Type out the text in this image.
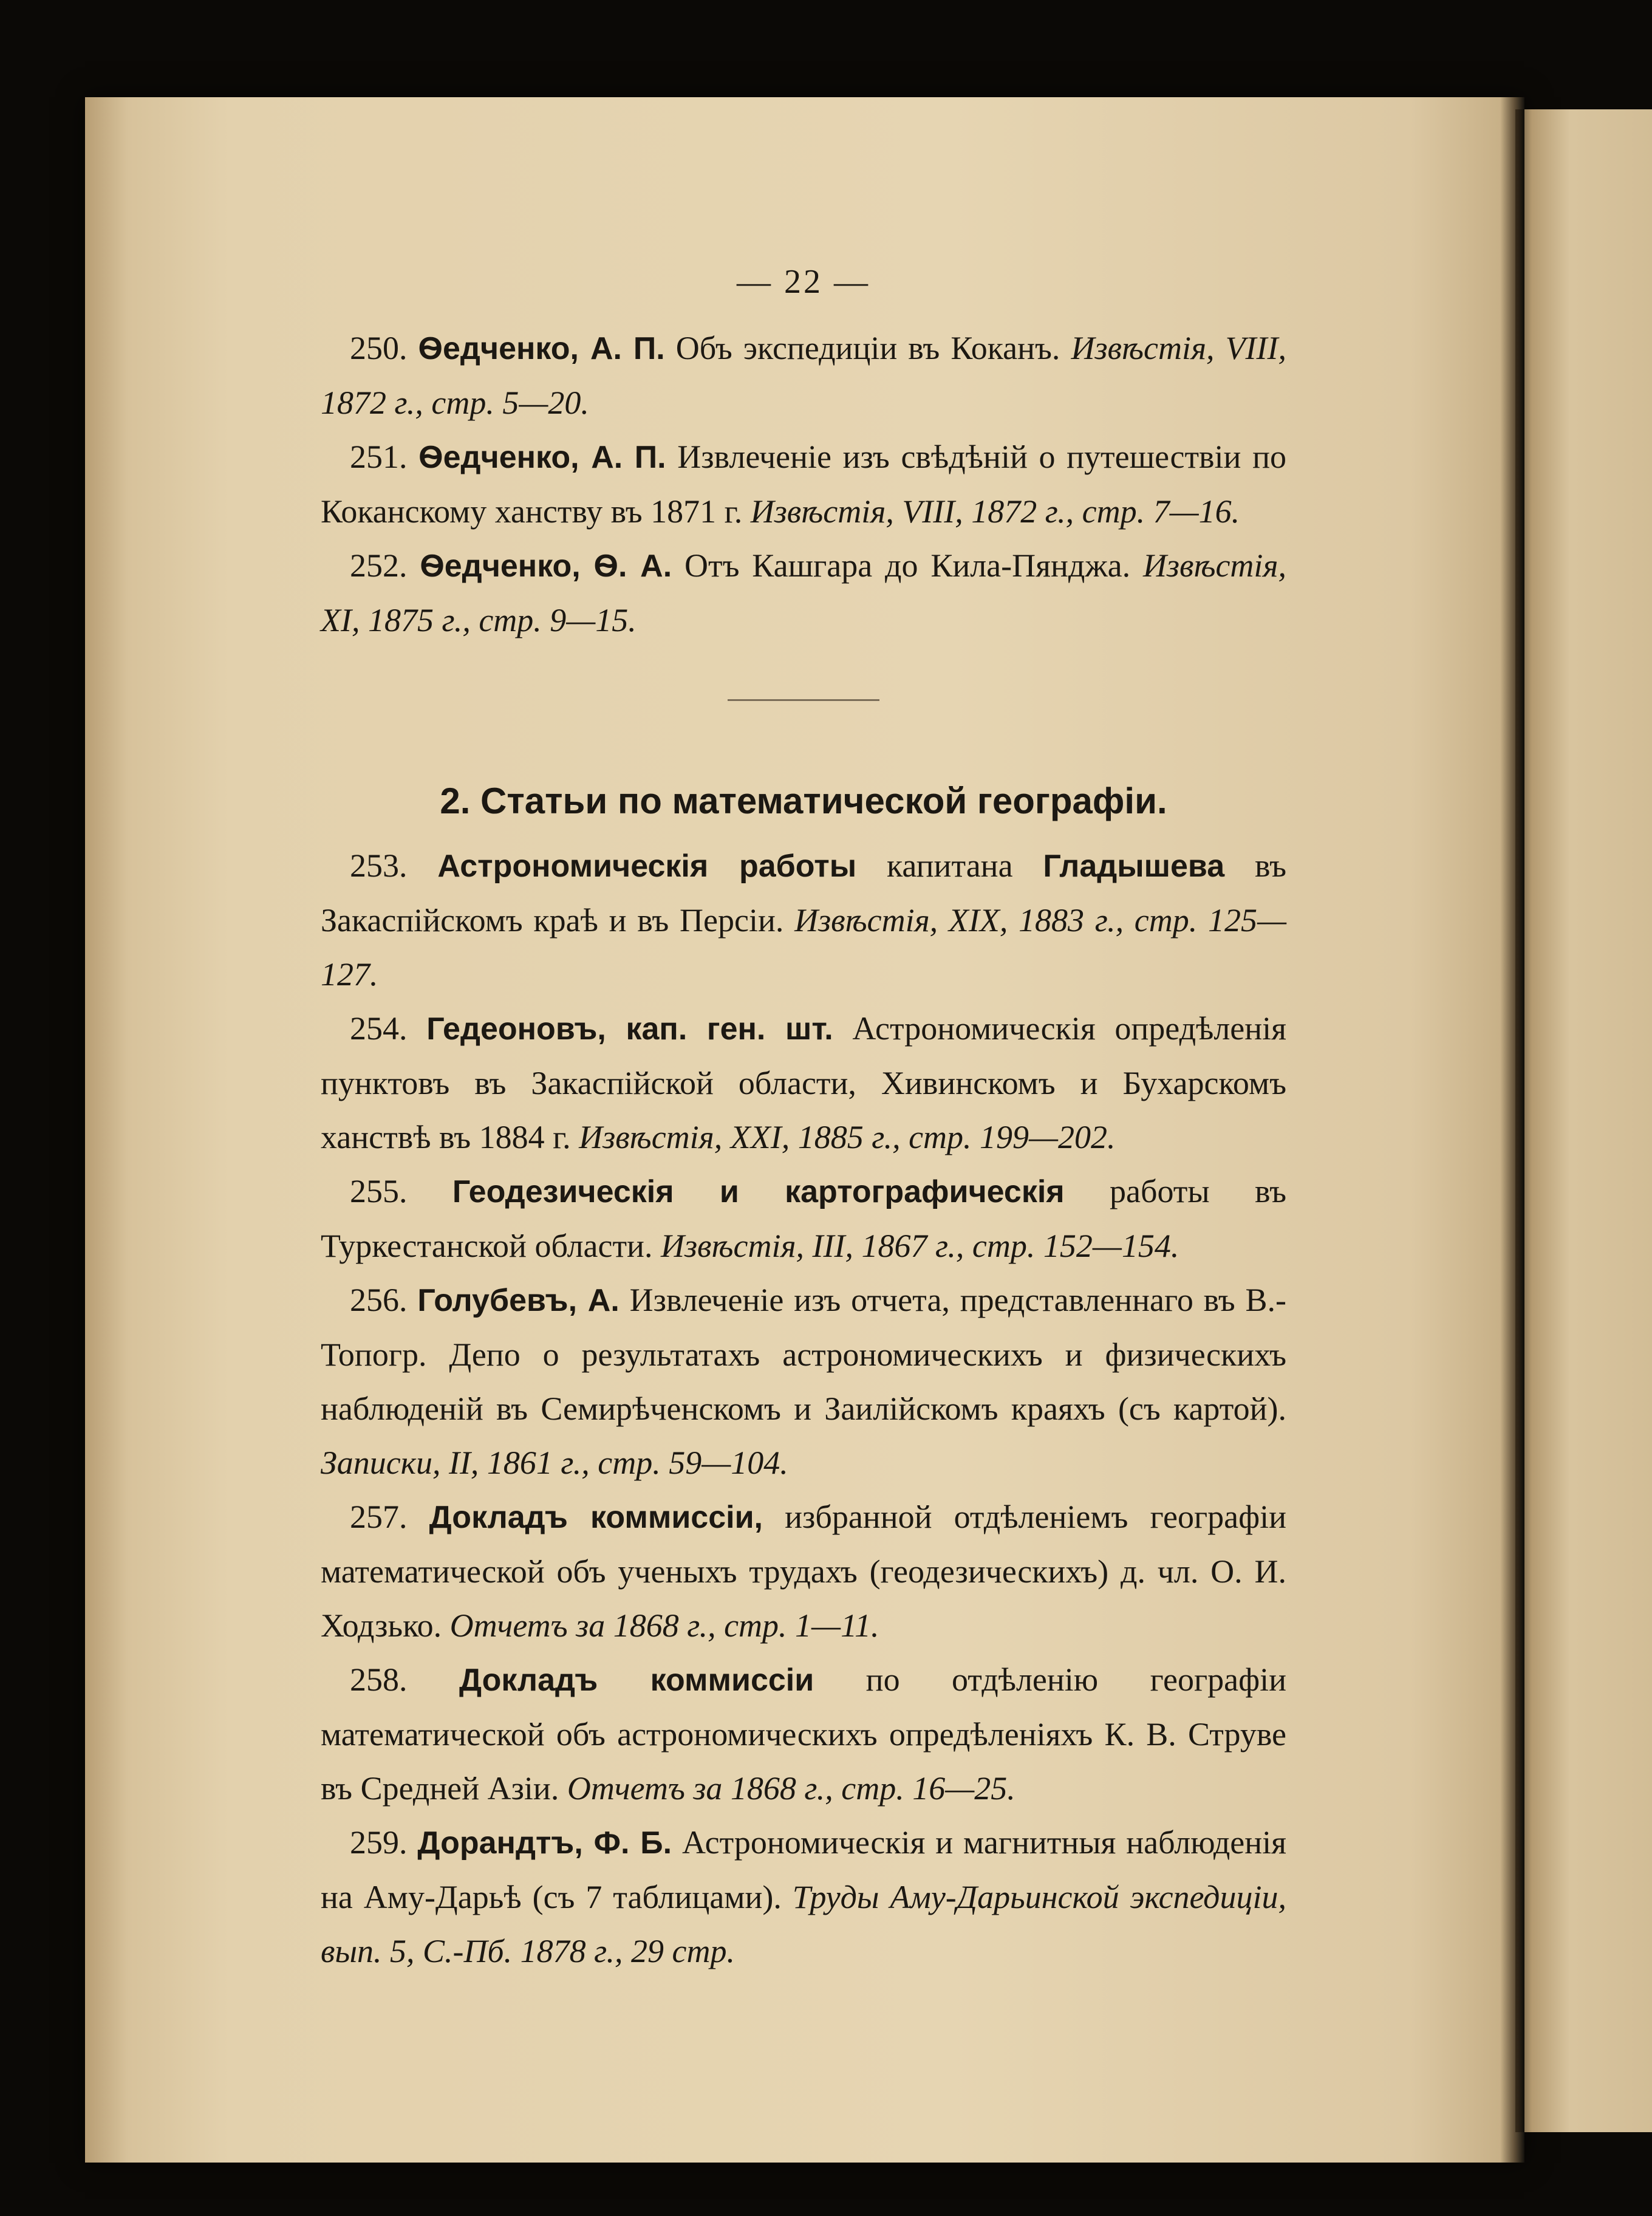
— 22 —

250. Ѳедченко, А. П. Объ экспедиціи въ Коканъ. Извѣстія, VIII, 1872 г., стр. 5—20.

251. Ѳедченко, А. П. Извлеченіе изъ свѣдѣній о путешествіи по Коканскому ханству въ 1871 г. Извѣстія, VIII, 1872 г., стр. 7—16.

252. Ѳедченко, Ѳ. А. Отъ Кашгара до Кила-Пянджа. Извѣстія, XI, 1875 г., стр. 9—15.

2. Статьи по математической географіи.

253. Астрономическія работы капитана Гладышева въ Закаспійскомъ краѣ и въ Персіи. Извѣстія, XIX, 1883 г., стр. 125—127.

254. Гедеоновъ, кап. ген. шт. Астрономическія опредѣленія пунктовъ въ Закаспійской области, Хивинскомъ и Бухарскомъ ханствѣ въ 1884 г. Извѣстія, XXI, 1885 г., стр. 199—202.

255. Геодезическія и картографическія работы въ Туркестанской области. Извѣстія, III, 1867 г., стр. 152—154.

256. Голубевъ, А. Извлеченіе изъ отчета, представленнаго въ В.-Топогр. Депо о результатахъ астрономическихъ и физическихъ наблюденій въ Семирѣченскомъ и Заилійскомъ краяхъ (съ картой). Записки, II, 1861 г., стр. 59—104.

257. Докладъ коммиссіи, избранной отдѣленіемъ географіи математической объ ученыхъ трудахъ (геодезическихъ) д. чл. О. И. Ходзько. Отчетъ за 1868 г., стр. 1—11.

258. Докладъ коммиссіи по отдѣленію географіи математической объ астрономическихъ опредѣленіяхъ К. В. Струве въ Средней Азіи. Отчетъ за 1868 г., стр. 16—25.

259. Дорандтъ, Ф. Б. Астрономическія и магнитныя наблюденія на Аму-Дарьѣ (съ 7 таблицами). Труды Аму-Дарьинской экспедиціи, вып. 5, С.-Пб. 1878 г., 29 стр.
